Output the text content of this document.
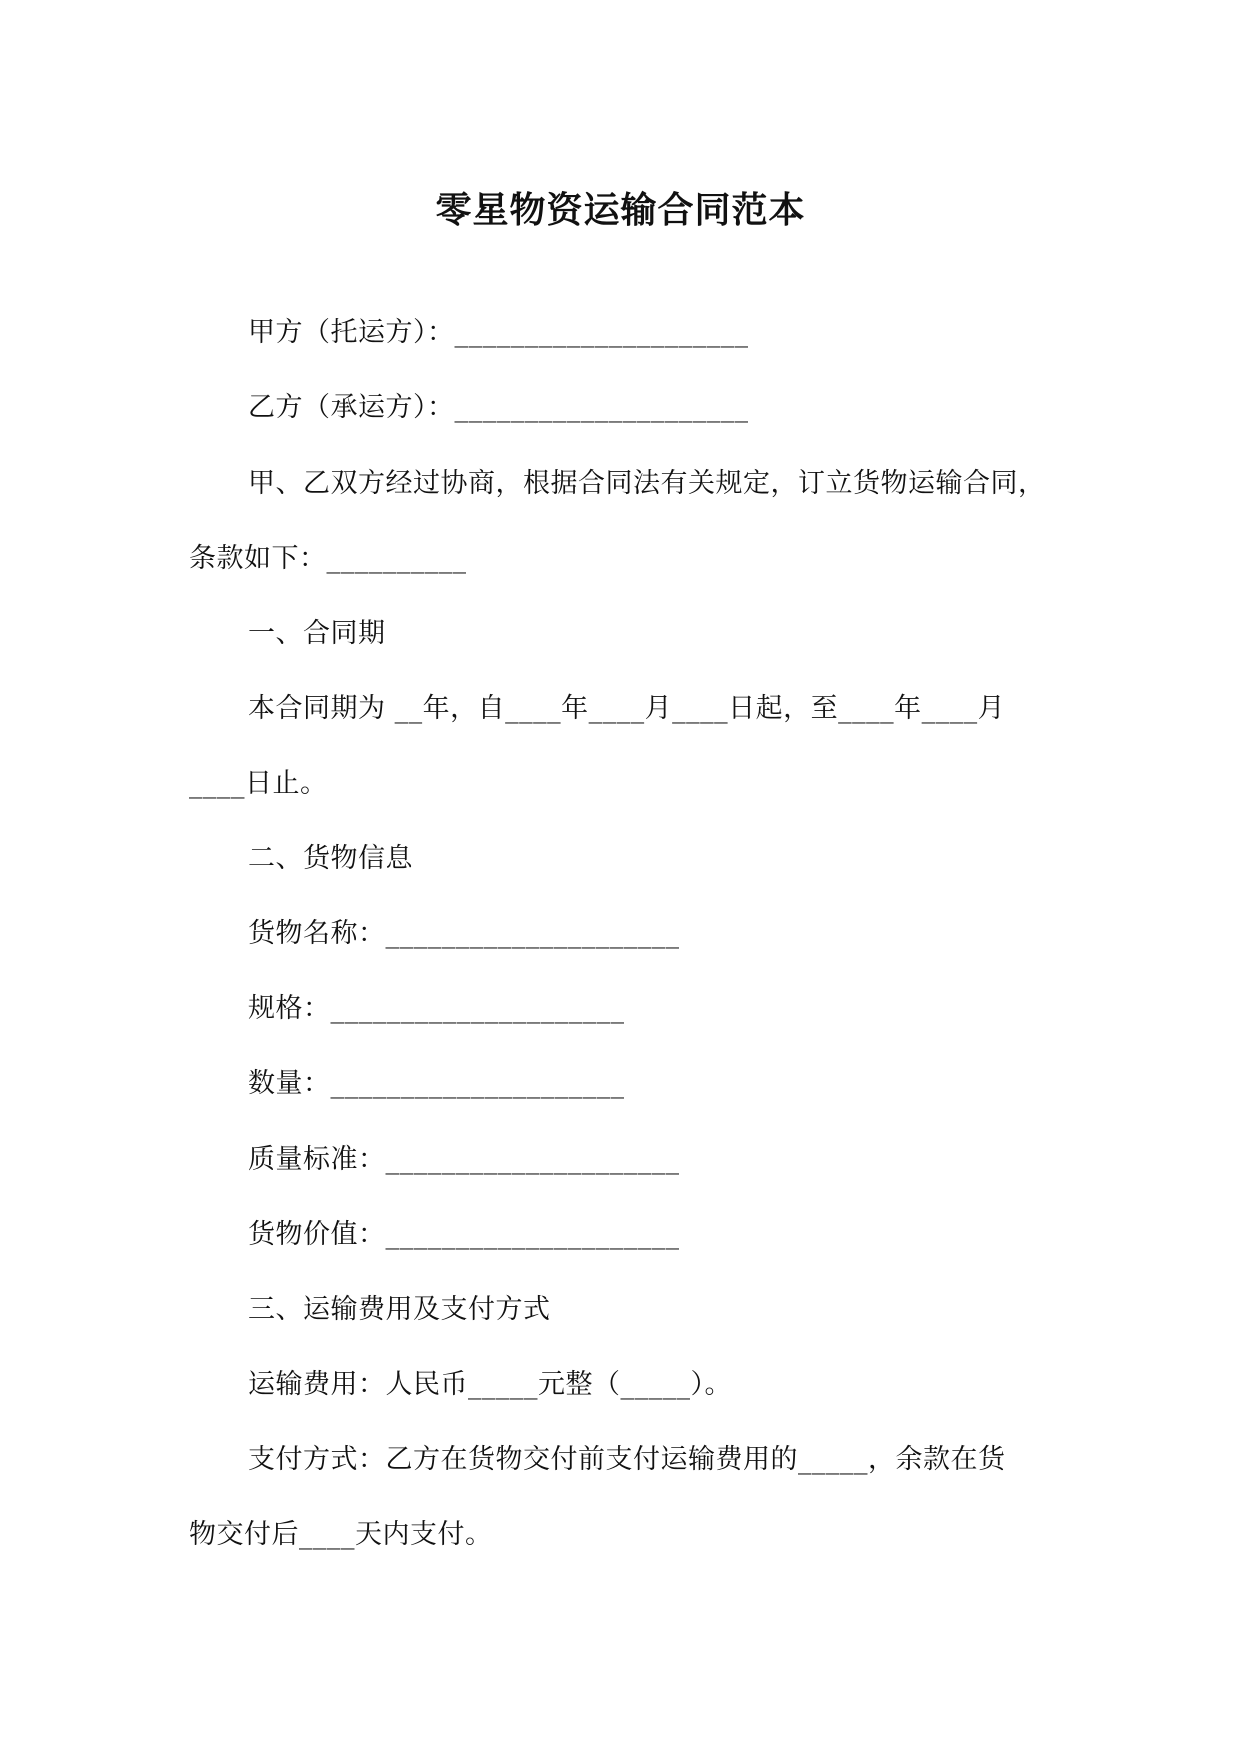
零星物资运输合同范本
甲方（托运方）：_____________________
乙方（承运方）：_____________________
甲、乙双方经过协商，根据合同法有关规定，订立货物运输合同，
条款如下：__________
一、合同期
本合同期为 __年，自____年____月____日起，至____年____月
____日止。
二、货物信息
货物名称：_____________________
规格：_____________________
数量：_____________________
质量标准：_____________________
货物价值：_____________________
三、运输费用及支付方式
运输费用：人民币_____元整（_____）。
支付方式：乙方在货物交付前支付运输费用的_____，余款在货
物交付后____天内支付。
